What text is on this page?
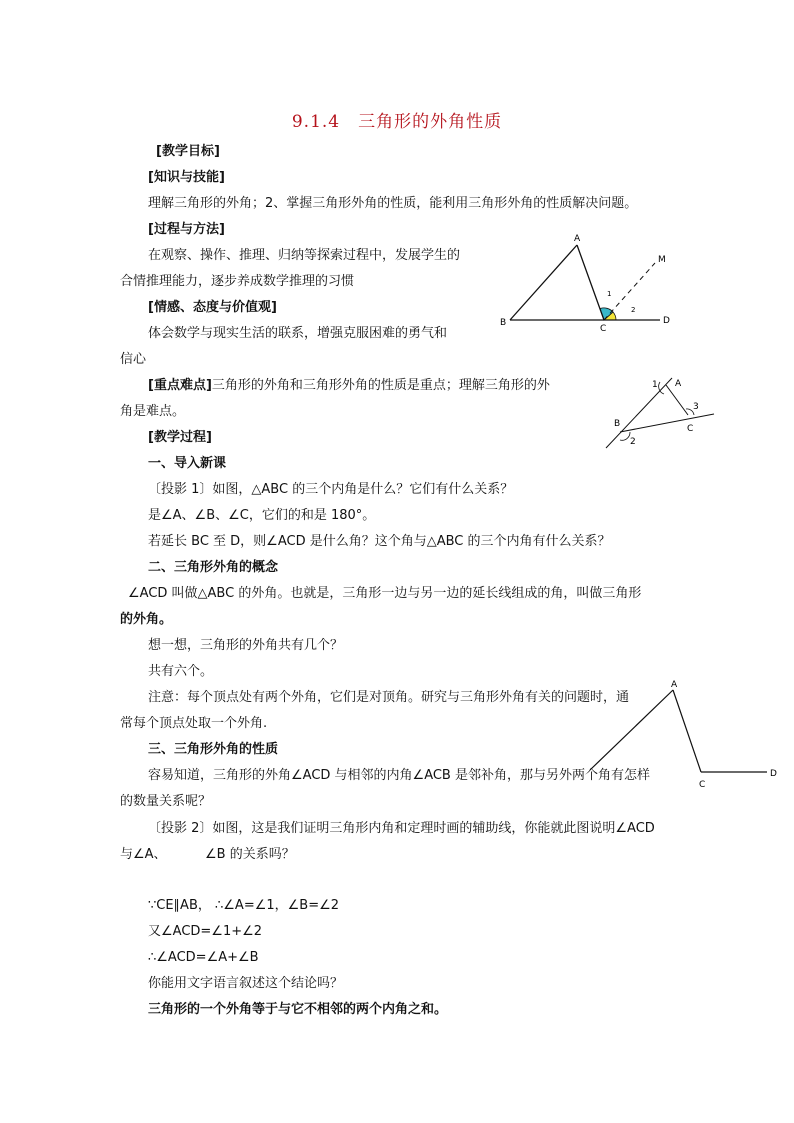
9.1.4　三角形的外角性质
[教学目标]
[知识与技能]
理解三角形的外角；2、掌握三角形外角的性质，能利用三角形外角的性质解决问题。
[过程与方法]
在观察、操作、推理、归纳等探索过程中，发展学生的
合情推理能力，逐步养成数学推理的习惯
[情感、态度与价值观]
体会数学与现实生活的联系，增强克服困难的勇气和
信心
[重点难点]三角形的外角和三角形外角的性质是重点；理解三角形的外
角是难点。
[教学过程]
一、导入新课
〔投影 1〕如图，△ABC 的三个内角是什么？它们有什么关系？
是∠A、∠B、∠C，它们的和是 180°。
若延长 BC 至 D，则∠ACD 是什么角？这个角与△ABC 的三个内角有什么关系？
二、三角形外角的概念
∠ACD 叫做△ABC 的外角。也就是，三角形一边与另一边的延长线组成的角，叫做三角形
的外角。
想一想，三角形的外角共有几个？
共有六个。
注意：每个顶点处有两个外角，它们是对顶角。研究与三角形外角有关的问题时，通
常每个顶点处取一个外角.
三、三角形外角的性质
容易知道，三角形的外角∠ACD 与相邻的内角∠ACB 是邻补角，那与另外两个角有怎样
的数量关系呢？
〔投影 2〕如图，这是我们证明三角形内角和定理时画的辅助线，你能就此图说明∠ACD
与∠A、	∠B 的关系吗？
∵CE∥AB， ∴∠A=∠1，∠B=∠2
又∠ACD=∠1+∠2
∴∠ACD=∠A+∠B
你能用文字语言叙述这个结论吗？
三角形的一个外角等于与它不相邻的两个内角之和。
A
B
C
D
M
1
2
A
B	C
1
2
3
A
C
D
